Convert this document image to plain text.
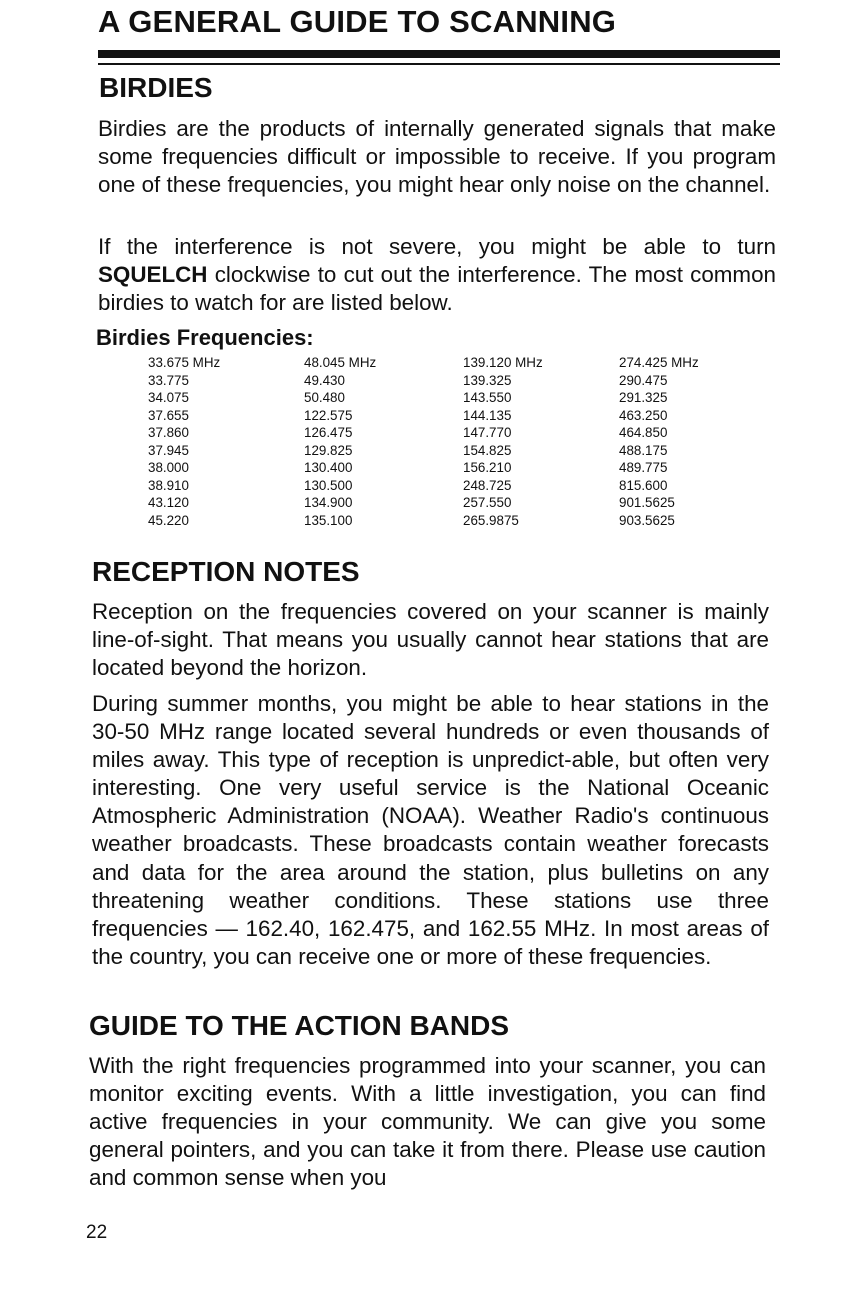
A GENERAL GUIDE TO SCANNING
BIRDIES

Birdies are the products of internally generated signals that make some frequencies difficult or impossible to receive. If you program one of these frequencies, you might hear only noise on the channel.

If the interference is not severe, you might be able to turn SQUELCH clockwise to cut out the interference. The most common birdies to watch for are listed below.

Birdies Frequencies:
33.675 MHz
33.775
34.075
37.655
37.860
37.945
38.000
38.910
43.120
45.220
48.045 MHz
49.430
50.480
122.575
126.475
129.825
130.400
130.500
134.900
135.100
139.120 MHz
139.325
143.550
144.135
147.770
154.825
156.210
248.725
257.550
265.9875
274.425 MHz
290.475
291.325
463.250
464.850
488.175
489.775
815.600
901.5625
903.5625
RECEPTION NOTES

Reception on the frequencies covered on your scanner is mainly line-of-sight. That means you usually cannot hear stations that are located beyond the horizon.

During summer months, you might be able to hear stations in the 30-50 MHz range located several hundreds or even thousands of miles away. This type of reception is unpredict-able, but often very interesting. One very useful service is the National Oceanic Atmospheric Administration (NOAA). Weather Radio's continuous weather broadcasts. These broadcasts contain weather forecasts and data for the area around the station, plus bulletins on any threatening weather conditions. These stations use three frequencies — 162.40, 162.475, and 162.55 MHz. In most areas of the country, you can receive one or more of these frequencies.

GUIDE TO THE ACTION BANDS

With the right frequencies programmed into your scanner, you can monitor exciting events. With a little investigation, you can find active frequencies in your community. We can give you some general pointers, and you can take it from there. Please use caution and common sense when you

22
